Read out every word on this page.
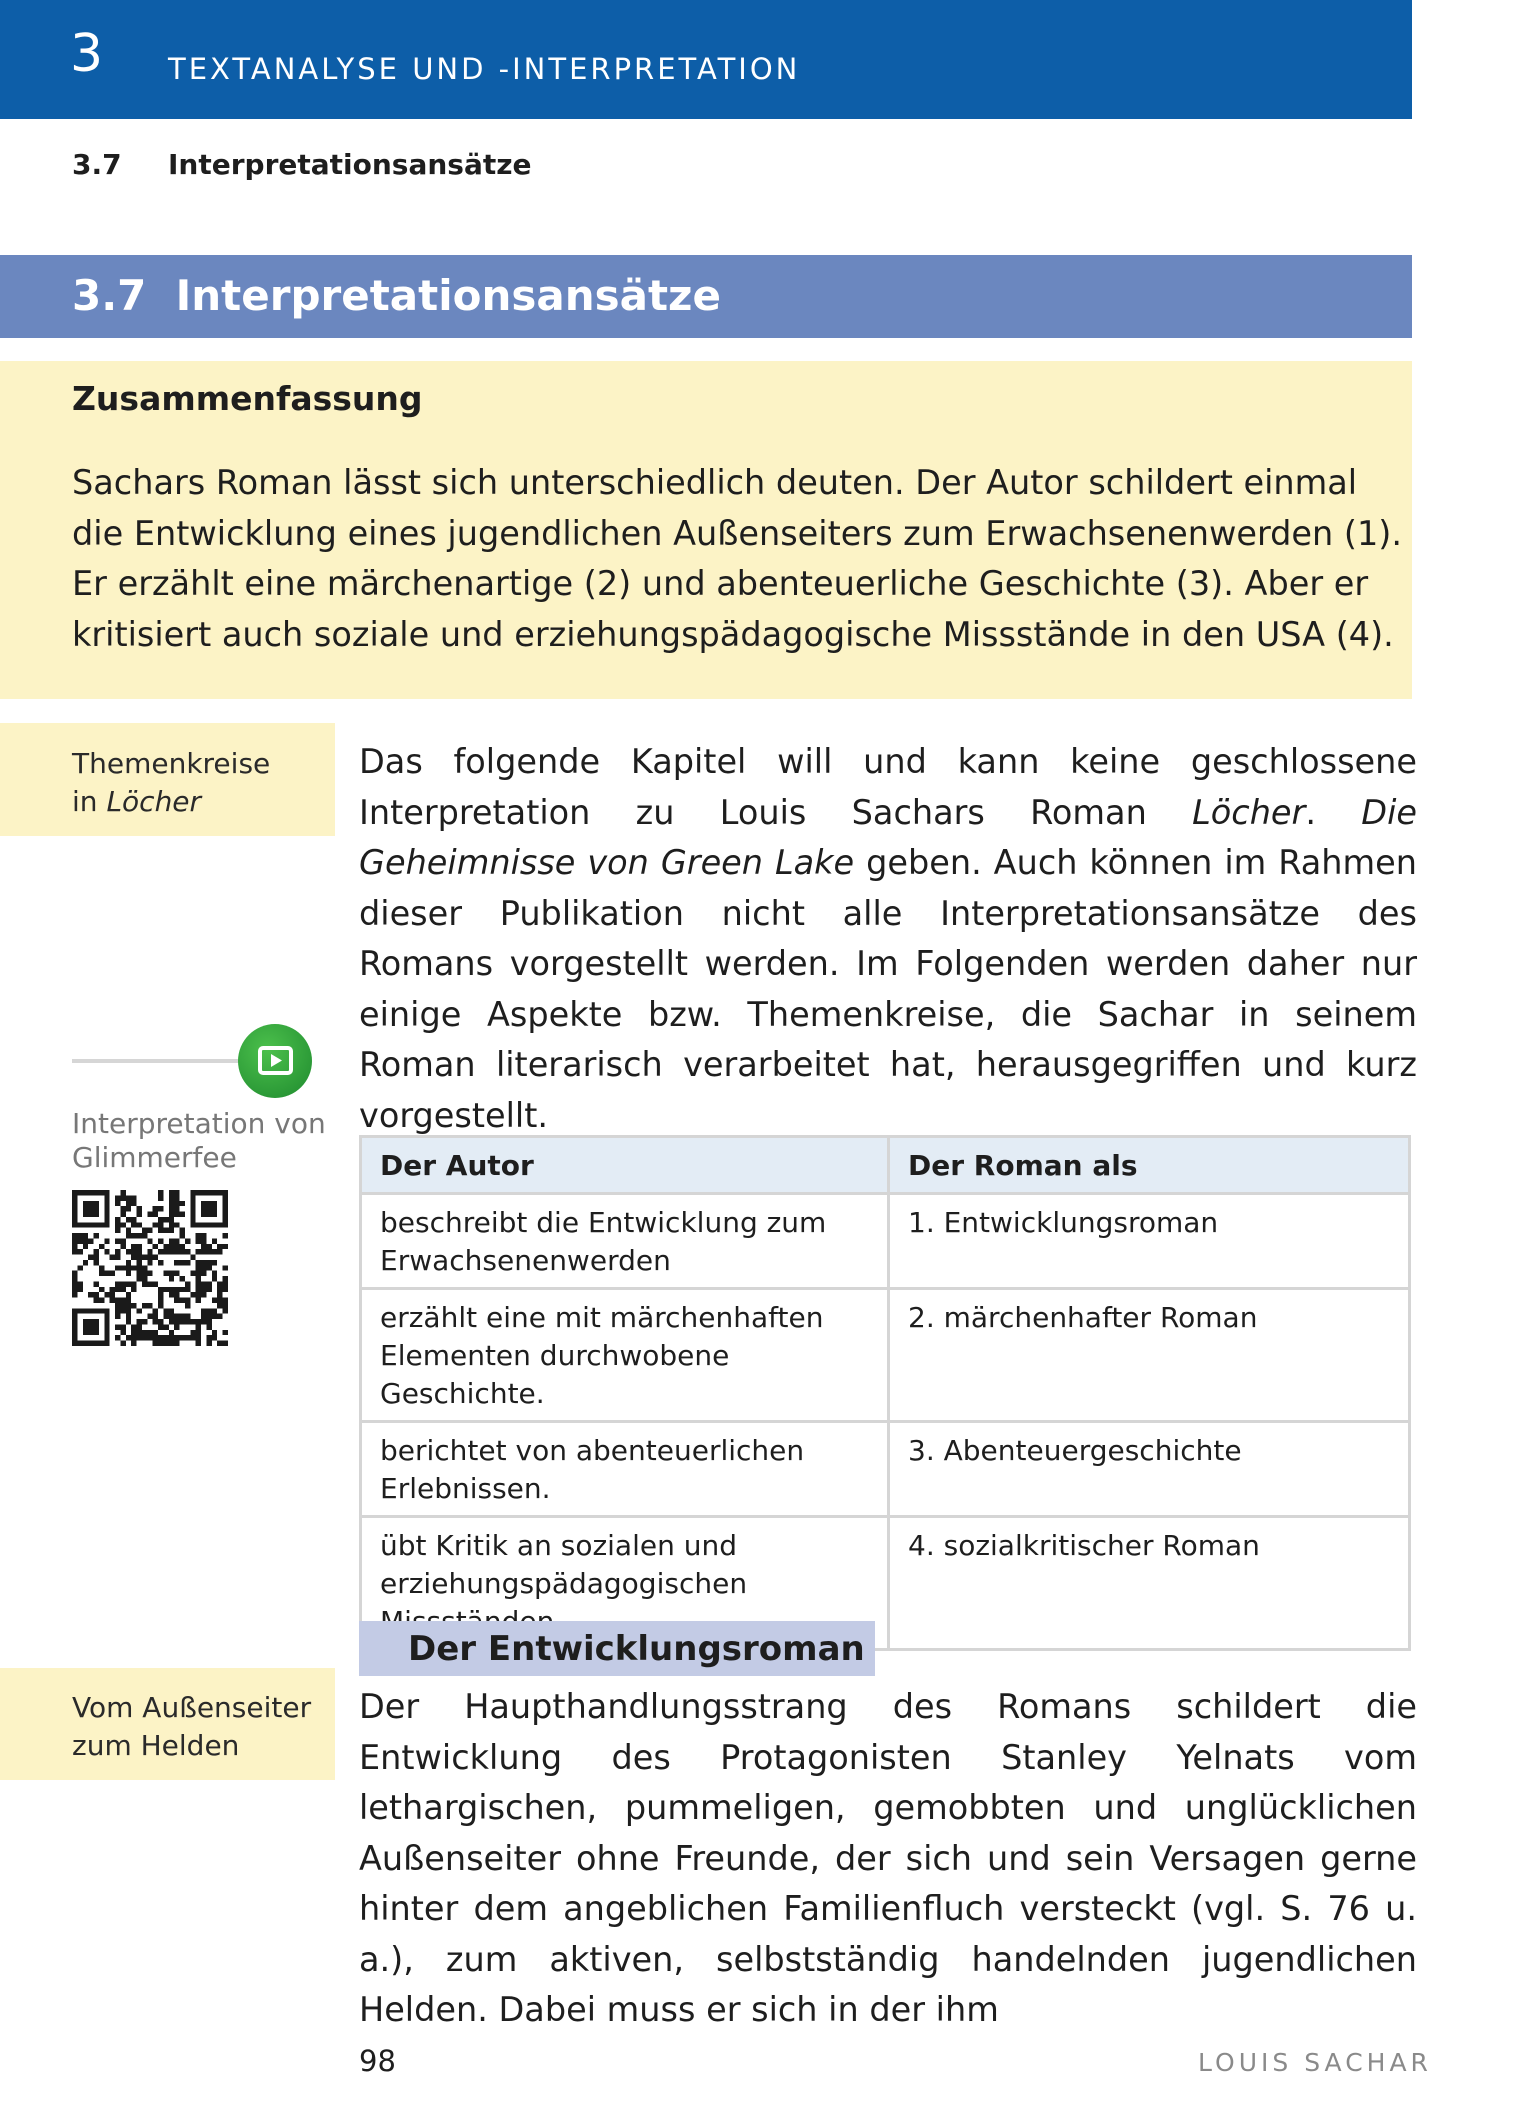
3 TEXTANALYSE UND -INTERPRETATION
3.7 Interpretationsansätze
3.7  Interpretationsansätze
Zusammenfassung
Sachars Roman lässt sich unterschiedlich deuten. Der Autor schildert einmal die Entwicklung eines jugendlichen Außenseiters zum Erwachsenenwerden (1). Er erzählt eine märchenartige (2) und abenteuerliche Geschichte (3). Aber er kritisiert auch soziale und erziehungspädagogische Missstände in den USA (4).
Themenkreise
in Löcher
Das folgende Kapitel will und kann keine geschlossene Interpretation zu Louis Sachars Roman Löcher. Die Geheimnisse von Green Lake geben. Auch können im Rahmen dieser Publikation nicht alle Interpretationsansätze des Romans vorgestellt werden. Im Folgenden werden daher nur einige Aspekte bzw. Themenkreise, die Sachar in seinem Roman literarisch verarbeitet hat, herausgegriffen und kurz vorgestellt.
Interpretation von Glimmerfee	Der Autor	Der Roman als
beschreibt die Entwicklung zum Erwachsenenwerden	1. Entwicklungsroman
erzählt eine mit märchenhaften Elementen durchwobene Geschichte.	2. märchenhafter Roman
berichtet von abenteuerlichen Erlebnissen.	3. Abenteuergeschichte
übt Kritik an sozialen und erziehungspädagogischen	4. sozialkritischer Roman
Der Entwicklungsroman
Vom Außenseiter
zum Helden
Der Haupthandlungsstrang des Romans schildert die Entwicklung des Protagonisten Stanley Yelnats vom lethargischen, pummeligen, gemobbten und unglücklichen Außenseiter ohne Freunde, der sich und sein Versagen gerne hinter dem angeblichen Familienfluch versteckt (vgl. S. 76 u. a.), zum aktiven, selbstständig handelnden jugendlichen Helden. Dabei muss er sich in der ihm
98	LOUIS SACHAR
